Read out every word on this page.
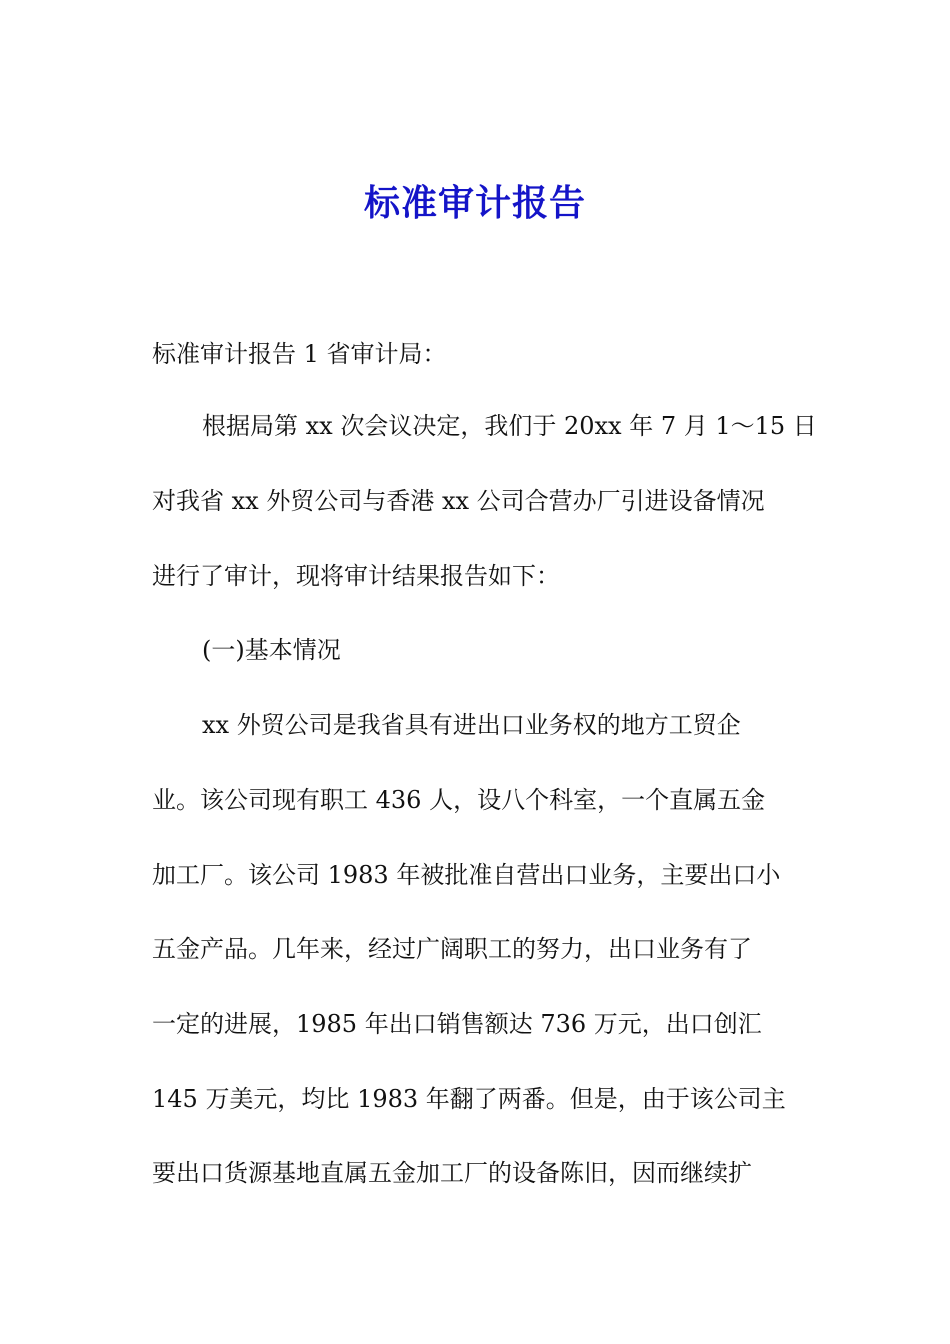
标准审计报告

标准审计报告 1 省审计局：

根据局第 xx 次会议决定，我们于 20xx 年 7 月 1～15 日

对我省 xx 外贸公司与香港 xx 公司合营办厂引进设备情况

进行了审计，现将审计结果报告如下：

(一)基本情况

xx 外贸公司是我省具有进出口业务权的地方工贸企

业。该公司现有职工 436 人，设八个科室，一个直属五金

加工厂。该公司 1983 年被批准自营出口业务，主要出口小

五金产品。几年来，经过广阔职工的努力，出口业务有了

一定的进展，1985 年出口销售额达 736 万元，出口创汇

145 万美元，均比 1983 年翻了两番。但是，由于该公司主

要出口货源基地直属五金加工厂的设备陈旧，因而继续扩
